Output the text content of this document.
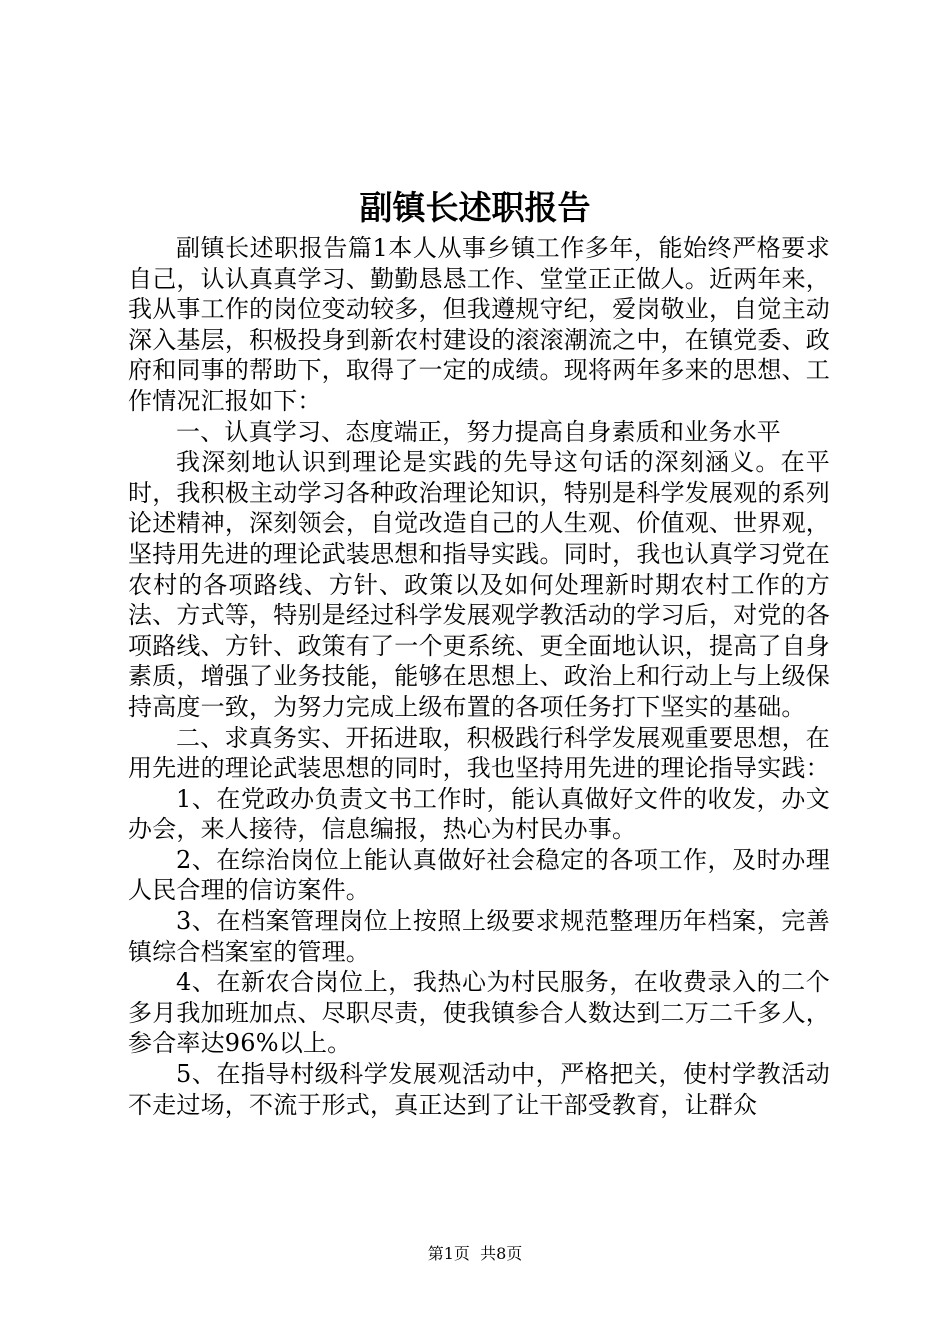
副镇长述职报告

副镇长述职报告篇1本人从事乡镇工作多年，能始终严格要求自己，认认真真学习、勤勤恳恳工作、堂堂正正做人。近两年来，我从事工作的岗位变动较多，但我遵规守纪，爱岗敬业，自觉主动深入基层，积极投身到新农村建设的滚滚潮流之中，在镇党委、政府和同事的帮助下，取得了一定的成绩。现将两年多来的思想、工作情况汇报如下：

一、认真学习、态度端正，努力提高自身素质和业务水平

我深刻地认识到理论是实践的先导这句话的深刻涵义。在平时，我积极主动学习各种政治理论知识，特别是科学发展观的系列论述精神，深刻领会，自觉改造自己的人生观、价值观、世界观，坚持用先进的理论武装思想和指导实践。同时，我也认真学习党在农村的各项路线、方针、政策以及如何处理新时期农村工作的方法、方式等，特别是经过科学发展观学教活动的学习后，对党的各项路线、方针、政策有了一个更系统、更全面地认识，提高了自身素质，增强了业务技能，能够在思想上、政治上和行动上与上级保持高度一致，为努力完成上级布置的各项任务打下坚实的基础。

二、求真务实、开拓进取，积极践行科学发展观重要思想，在用先进的理论武装思想的同时，我也坚持用先进的理论指导实践：

1、在党政办负责文书工作时，能认真做好文件的收发，办文办会，来人接待，信息编报，热心为村民办事。

2、在综治岗位上能认真做好社会稳定的各项工作，及时办理人民合理的信访案件。

3、在档案管理岗位上按照上级要求规范整理历年档案，完善镇综合档案室的管理。

4、在新农合岗位上，我热心为村民服务，在收费录入的二个多月我加班加点、尽职尽责，使我镇参合人数达到二万二千多人，参合率达96%以上。

5、在指导村级科学发展观活动中，严格把关，使村学教活动不走过场，不流于形式，真正达到了让干部受教育，让群众

第1页 共8页
